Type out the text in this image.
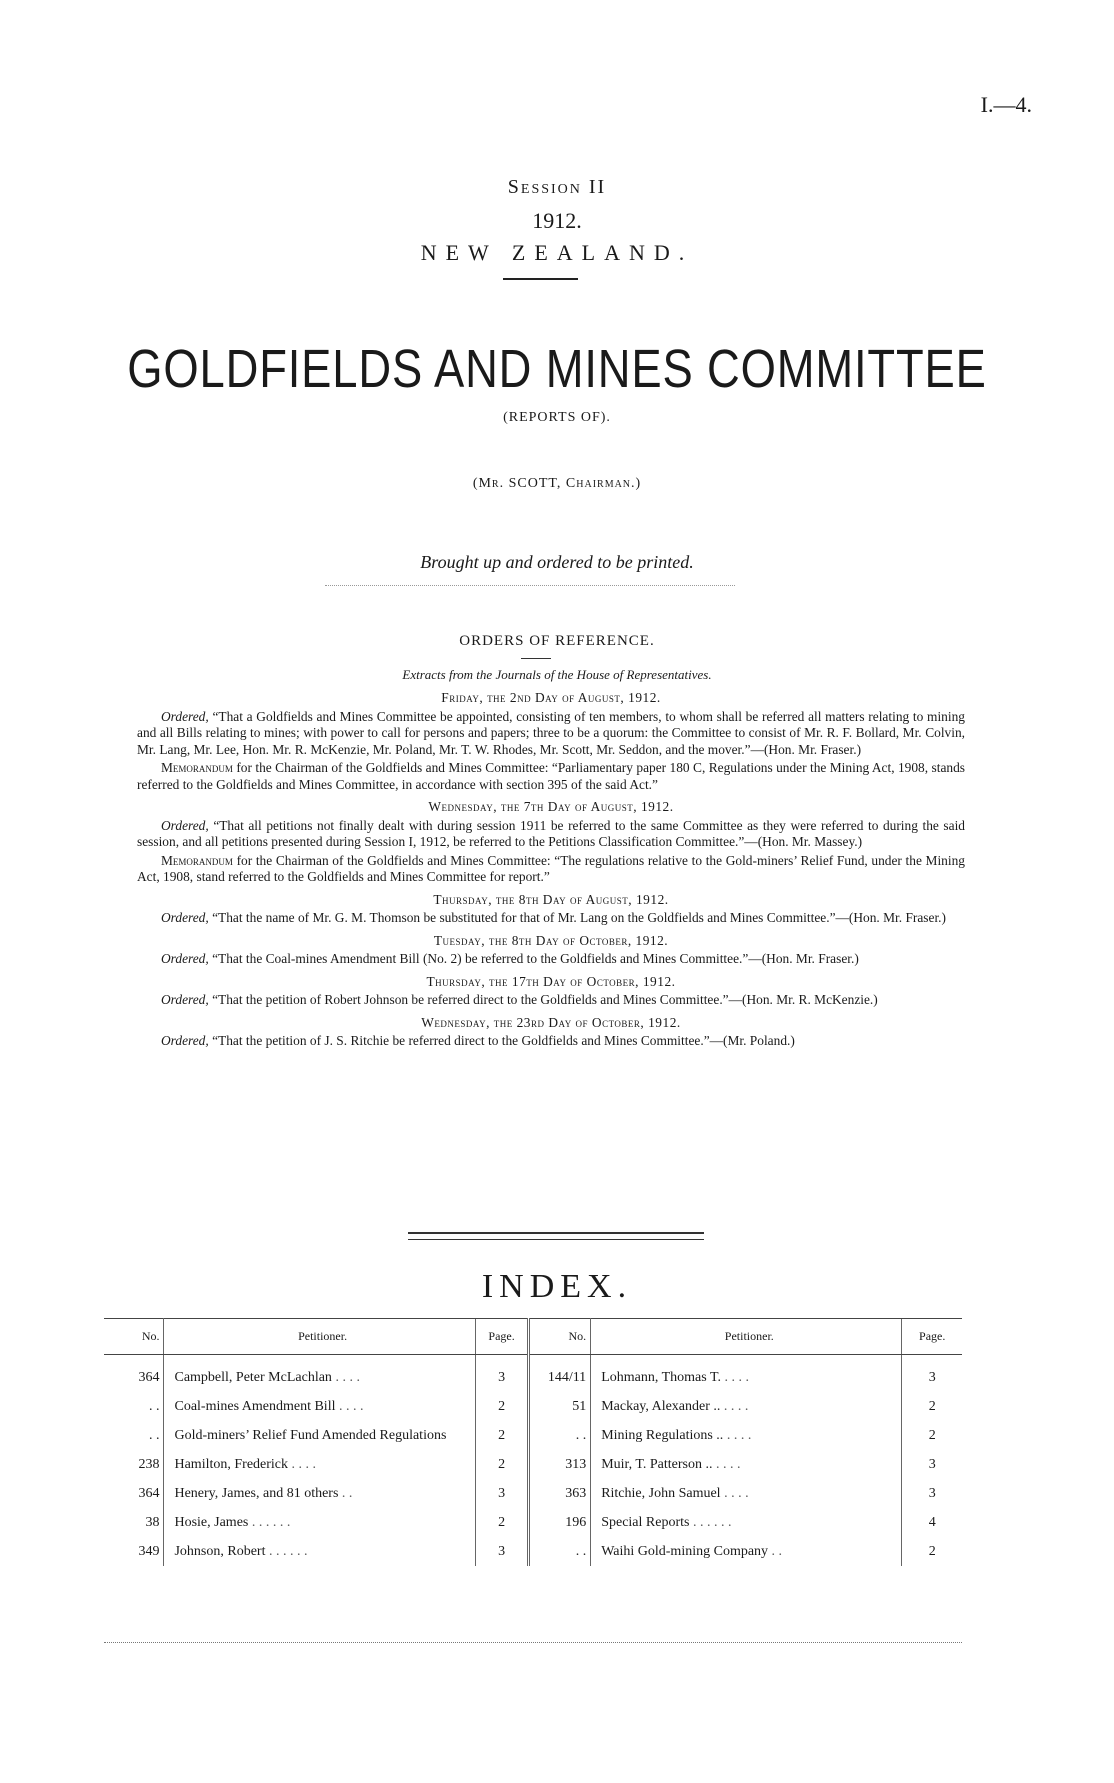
I.—4.
Session II
1912.
NEW ZEALAND.
GOLDFIELDS AND MINES COMMITTEE
(REPORTS OF).
(Mr. SCOTT, Chairman.)
Brought up and ordered to be printed.
ORDERS OF REFERENCE.
Extracts from the Journals of the House of Representatives.

Friday, the 2nd Day of August, 1912.

Ordered, “That a Goldfields and Mines Committee be appointed, consisting of ten members, to whom shall be referred all matters relating to mining and all Bills relating to mines; with power to call for persons and papers; three to be a quorum: the Committee to consist of Mr. R. F. Bollard, Mr. Colvin, Mr. Lang, Mr. Lee, Hon. Mr. R. McKenzie, Mr. Poland, Mr. T. W. Rhodes, Mr. Scott, Mr. Seddon, and the mover.”—(Hon. Mr. Fraser.)

Memorandum for the Chairman of the Goldfields and Mines Committee: “Parliamentary paper 180 C, Regulations under the Mining Act, 1908, stands referred to the Goldfields and Mines Committee, in accordance with section 395 of the said Act.”

Wednesday, the 7th Day of August, 1912.

Ordered, “That all petitions not finally dealt with during session 1911 be referred to the same Committee as they were referred to during the said session, and all petitions presented during Session I, 1912, be referred to the Petitions Classification Committee.”—(Hon. Mr. Massey.)

Memorandum for the Chairman of the Goldfields and Mines Committee: “The regulations relative to the Gold-miners’ Relief Fund, under the Mining Act, 1908, stand referred to the Goldfields and Mines Committee for report.”

Thursday, the 8th Day of August, 1912.

Ordered, “That the name of Mr. G. M. Thomson be substituted for that of Mr. Lang on the Goldfields and Mines Committee.”—(Hon. Mr. Fraser.)

Tuesday, the 8th Day of October, 1912.

Ordered, “That the Coal-mines Amendment Bill (No. 2) be referred to the Goldfields and Mines Committee.”—(Hon. Mr. Fraser.)

Thursday, the 17th Day of October, 1912.

Ordered, “That the petition of Robert Johnson be referred direct to the Goldfields and Mines Committee.”—(Hon. Mr. R. McKenzie.)

Wednesday, the 23rd Day of October, 1912.

Ordered, “That the petition of J. S. Ritchie be referred direct to the Goldfields and Mines Committee.”—(Mr. Poland.)

INDEX.
No.	Petitioner.	Page.	No.	Petitioner.	Page.

364	Campbell, Peter McLachlan . . . .	3	144/11	Lohmann, Thomas T. . . . .	3
. .	Coal-mines Amendment Bill . . . .	2	51	Mackay, Alexander .. . . . .	2
. .	Gold-miners’ Relief Fund Amended Regulations	2	. .	Mining Regulations .. . . . .	2
238	Hamilton, Frederick . . . .	2	313	Muir, T. Patterson .. . . . .	3
364	Henery, James, and 81 others . .	3	363	Ritchie, John Samuel . . . .	3
38	Hosie, James . . . . . .	2	196	Special Reports . . . . . .	4
349	Johnson, Robert . . . . . .	3	. .	Waihi Gold-mining Company . .	2
